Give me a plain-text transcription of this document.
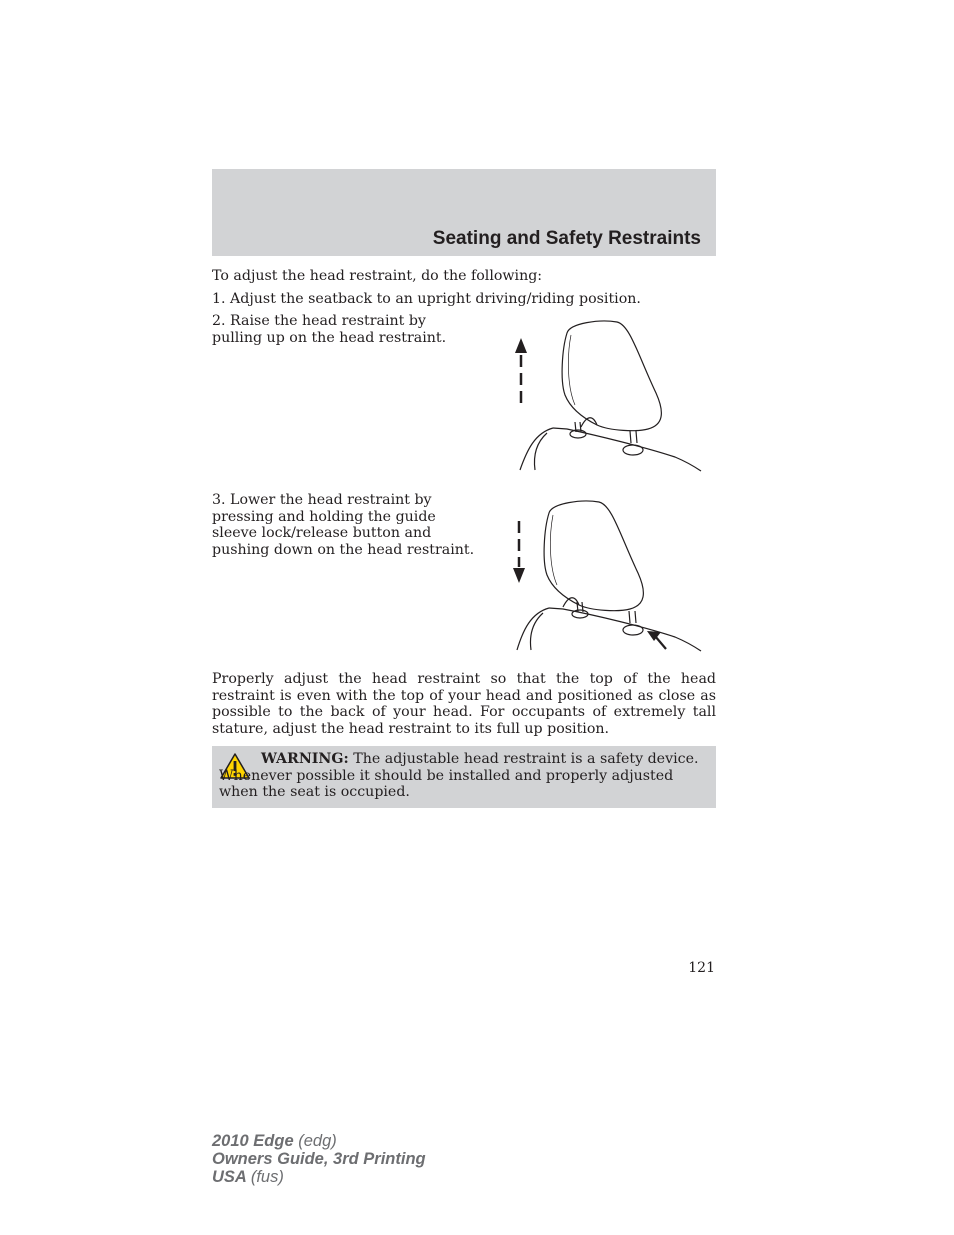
Seating and Safety Restraints

To adjust the head restraint, do the following:

1. Adjust the seatback to an upright driving/riding position.

2. Raise the head restraint by
pulling up on the head restraint.

3. Lower the head restraint by
pressing and holding the guide
sleeve lock/release button and
pushing down on the head restraint.

Properly adjust the head restraint so that the top of the head restraint is even with the top of your head and positioned as close as possible to the back of your head. For occupants of extremely tall stature, adjust the head restraint to its full up position.

WARNING: The adjustable head restraint is a safety device. Whenever possible it should be installed and properly adjusted when the seat is occupied.

121

2010 Edge (edg)
Owners Guide, 3rd Printing
USA (fus)
